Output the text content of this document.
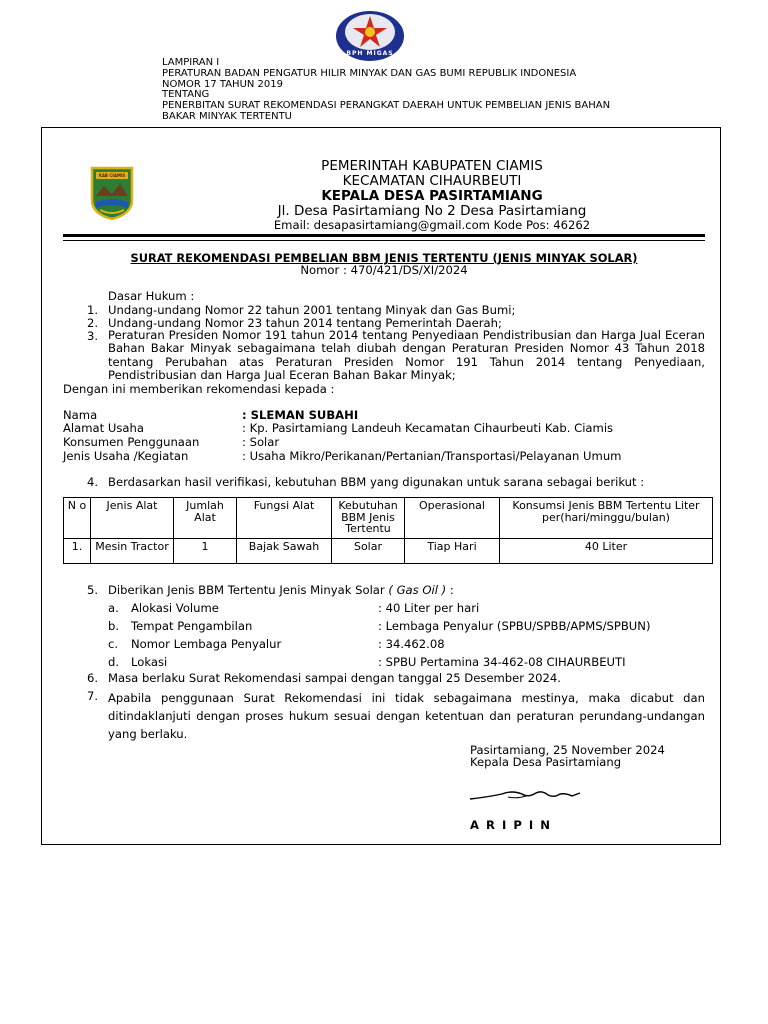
BPH MIGAS
LAMPIRAN I
PERATURAN BADAN PENGATUR HILIR MINYAK DAN GAS BUMI REPUBLIK INDONESIA
NOMOR 17 TAHUN 2019
TENTANG
PENERBITAN SURAT REKOMENDASI PERANGKAT DAERAH UNTUK PEMBELIAN JENIS BAHAN
BAKAR MINYAK TERTENTU
KAB CIAMIS
PEMERINTAH KABUPATEN CIAMIS
KECAMATAN CIHAURBEUTI
KEPALA DESA PASIRTAMIANG
Jl. Desa Pasirtamiang No 2 Desa Pasirtamiang
Email: desapasirtamiang@gmail.com Kode Pos: 46262
SURAT REKOMENDASI PEMBELIAN BBM JENIS TERTENTU (JENIS MINYAK SOLAR)
Nomor : 470/421/DS/XI/2024
Dasar Hukum :
1. Undang-undang Nomor 22 tahun 2001 tentang Minyak dan Gas Bumi;
2. Undang-undang Nomor 23 tahun 2014 tentang Pemerintah Daerah;
3. Peraturan Presiden Nomor 191 tahun 2014 tentang Penyediaan Pendistribusian dan Harga Jual Eceran Bahan Bakar Minyak sebagaimana telah diubah dengan Peraturan Presiden Nomor 43 Tahun 2018 tentang Perubahan atas Peraturan Presiden Nomor 191 Tahun 2014 tentang Penyediaan, Pendistribusian dan Harga Jual Eceran Bahan Bakar Minyak;
Dengan ini memberikan rekomendasi kepada :
Nama	: SLEMAN SUBAHI
Alamat Usaha	: Kp. Pasirtamiang Landeuh Kecamatan Cihaurbeuti Kab. Ciamis
Konsumen Penggunaan	: Solar
Jenis Usaha /Kegiatan	: Usaha Mikro/Perikanan/Pertanian/Transportasi/Pelayanan Umum
4. Berdasarkan hasil verifikasi, kebutuhan BBM yang digunakan untuk sarana sebagai berikut :
N o	Jenis Alat	Jumlah Alat	Fungsi Alat	Kebutuhan BBM Jenis Tertentu	Operasional	Konsumsi Jenis BBM Tertentu Liter per(hari/minggu/bulan)
1.	Mesin Tractor	1	Bajak Sawah	Solar	Tiap Hari	40 Liter
5. Diberikan Jenis BBM Tertentu Jenis Minyak Solar ( Gas Oil ) :
a. Alokasi Volume	: 40 Liter per hari
b. Tempat Pengambilan	: Lembaga Penyalur (SPBU/SPBB/APMS/SPBUN)
c. Nomor Lembaga Penyalur	: 34.462.08
d. Lokasi	: SPBU Pertamina 34-462-08 CIHAURBEUTI
6. Masa berlaku Surat Rekomendasi sampai dengan tanggal 25 Desember 2024.
7. Apabila penggunaan Surat Rekomendasi ini tidak sebagaimana mestinya, maka dicabut dan ditindaklanjuti dengan proses hukum sesuai dengan ketentuan dan peraturan perundang-undangan yang berlaku.
Pasirtamiang, 25 November 2024
Kepala Desa Pasirtamiang
A R I P I N
